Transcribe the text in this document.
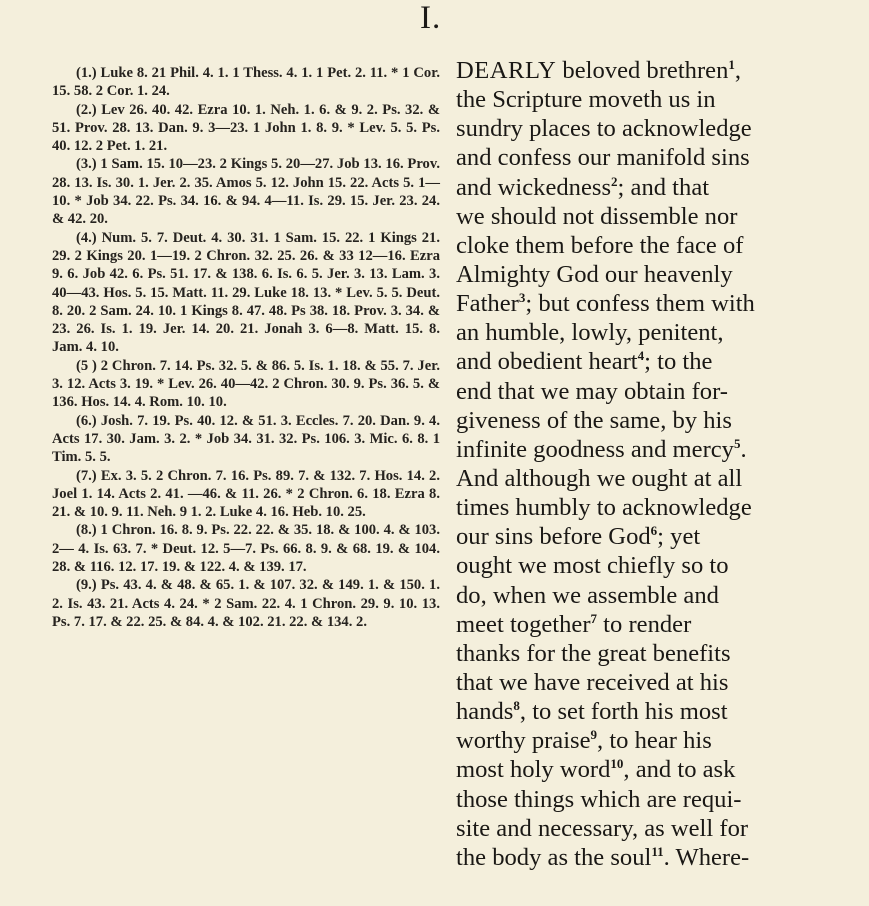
I.

(1.) Luke 8. 21 Phil. 4. 1. 1 Thess. 4. 1. 1 Pet. 2. 11. * 1 Cor. 15. 58. 2 Cor. 1. 24.

(2.) Lev 26. 40. 42. Ezra 10. 1. Neh. 1. 6. & 9. 2. Ps. 32. & 51. Prov. 28. 13. Dan. 9. 3—23. 1 John 1. 8. 9. * Lev. 5. 5. Ps. 40. 12. 2 Pet. 1. 21.

(3.) 1 Sam. 15. 10—23. 2 Kings 5. 20—27. Job 13. 16. Prov. 28. 13. Is. 30. 1. Jer. 2. 35. Amos 5. 12. John 15. 22. Acts 5. 1—10. * Job 34. 22. Ps. 34. 16. & 94. 4—11. Is. 29. 15. Jer. 23. 24. & 42. 20.

(4.) Num. 5. 7. Deut. 4. 30. 31. 1 Sam. 15. 22. 1 Kings 21. 29. 2 Kings 20. 1—19. 2 Chron. 32. 25. 26. & 33 12—16. Ezra 9. 6. Job 42. 6. Ps. 51. 17. & 138. 6. Is. 6. 5. Jer. 3. 13. Lam. 3. 40—43. Hos. 5. 15. Matt. 11. 29. Luke 18. 13. * Lev. 5. 5. Deut. 8. 20. 2 Sam. 24. 10. 1 Kings 8. 47. 48. Ps 38. 18. Prov. 3. 34. & 23. 26. Is. 1. 19. Jer. 14. 20. 21. Jonah 3. 6—8. Matt. 15. 8. Jam. 4. 10.

(5 ) 2 Chron. 7. 14. Ps. 32. 5. & 86. 5. Is. 1. 18. & 55. 7. Jer. 3. 12. Acts 3. 19. * Lev. 26. 40—42. 2 Chron. 30. 9. Ps. 36. 5. & 136. Hos. 14. 4. Rom. 10. 10.

(6.) Josh. 7. 19. Ps. 40. 12. & 51. 3. Eccles. 7. 20. Dan. 9. 4. Acts 17. 30. Jam. 3. 2. * Job 34. 31. 32. Ps. 106. 3. Mic. 6. 8. 1 Tim. 5. 5.

(7.) Ex. 3. 5. 2 Chron. 7. 16. Ps. 89. 7. & 132. 7. Hos. 14. 2. Joel 1. 14. Acts 2. 41. —46. & 11. 26. * 2 Chron. 6. 18. Ezra 8. 21. & 10. 9. 11. Neh. 9 1. 2. Luke 4. 16. Heb. 10. 25.

(8.) 1 Chron. 16. 8. 9. Ps. 22. 22. & 35. 18. & 100. 4. & 103. 2— 4. Is. 63. 7. * Deut. 12. 5—7. Ps. 66. 8. 9. & 68. 19. & 104. 28. & 116. 12. 17. 19. & 122. 4. & 139. 17.

(9.) Ps. 43. 4. & 48. & 65. 1. & 107. 32. & 149. 1. & 150. 1. 2. Is. 43. 21. Acts 4. 24. * 2 Sam. 22. 4. 1 Chron. 29. 9. 10. 13. Ps. 7. 17. & 22. 25. & 84. 4. & 102. 21. 22. & 134. 2.

DEARLY beloved brethren$^1$,
the Scripture moveth us in
sundry places to acknowledge
and confess our manifold sins
and wickedness$^2$; and that
we should not dissemble nor
cloke them before the face of
Almighty God our heavenly
Father$^3$; but confess them with
an humble, lowly, penitent,
and obedient heart$^4$; to the
end that we may obtain for-
giveness of the same, by his
infinite goodness and mercy$^5$.
And although we ought at all
times humbly to acknowledge
our sins before God$^6$; yet
ought we most chiefly so to
do, when we assemble and
meet together$^7$ to render
thanks for the great benefits
that we have received at his
hands$^8$, to set forth his most
worthy praise$^9$, to hear his
most holy word$^{10}$, and to ask
those things which are requi-
site and necessary, as well for
the body as the soul$^{11}$. Where-
